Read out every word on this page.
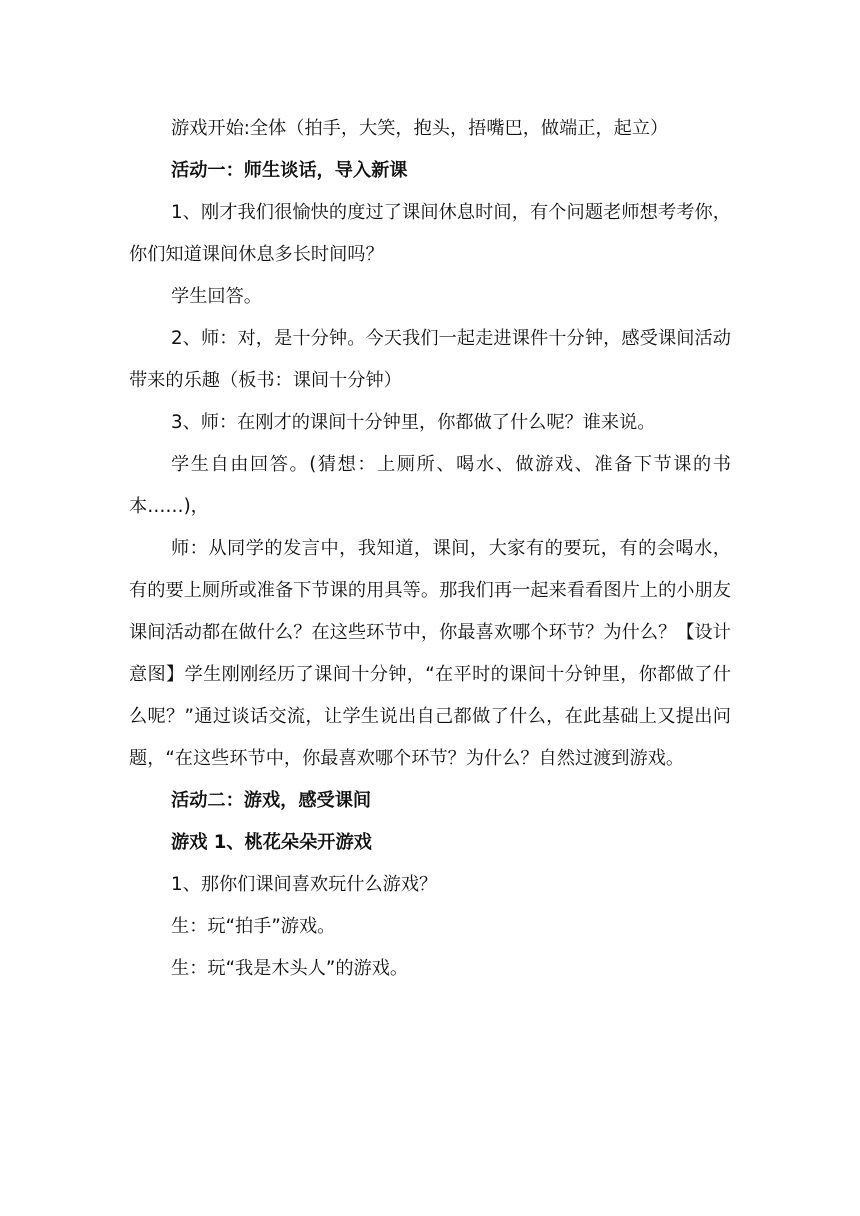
游戏开始:全体（拍手，大笑，抱头，捂嘴巴，做端正，起立）

活动一：师生谈话，导入新课

1、刚才我们很愉快的度过了课间休息时间，有个问题老师想考考你，你们知道课间休息多长时间吗？

学生回答。

2、师：对，是十分钟。今天我们一起走进课件十分钟，感受课间活动带来的乐趣（板书：课间十分钟）

3、师：在刚才的课间十分钟里，你都做了什么呢？谁来说。

学生自由回答。(猜想：上厕所、喝水、做游戏、准备下节课的书本……)，

师：从同学的发言中，我知道，课间，大家有的要玩，有的会喝水，有的要上厕所或准备下节课的用具等。那我们再一起来看看图片上的小朋友课间活动都在做什么？在这些环节中，你最喜欢哪个环节？为什么？【设计意图】学生刚刚经历了课间十分钟，“在平时的课间十分钟里，你都做了什么呢？”通过谈话交流，让学生说出自己都做了什么，在此基础上又提出问题，“在这些环节中，你最喜欢哪个环节？为什么？自然过渡到游戏。

活动二：游戏，感受课间

游戏 1、桃花朵朵开游戏

1、那你们课间喜欢玩什么游戏？

生：玩“拍手”游戏。

生：玩“我是木头人”的游戏。
